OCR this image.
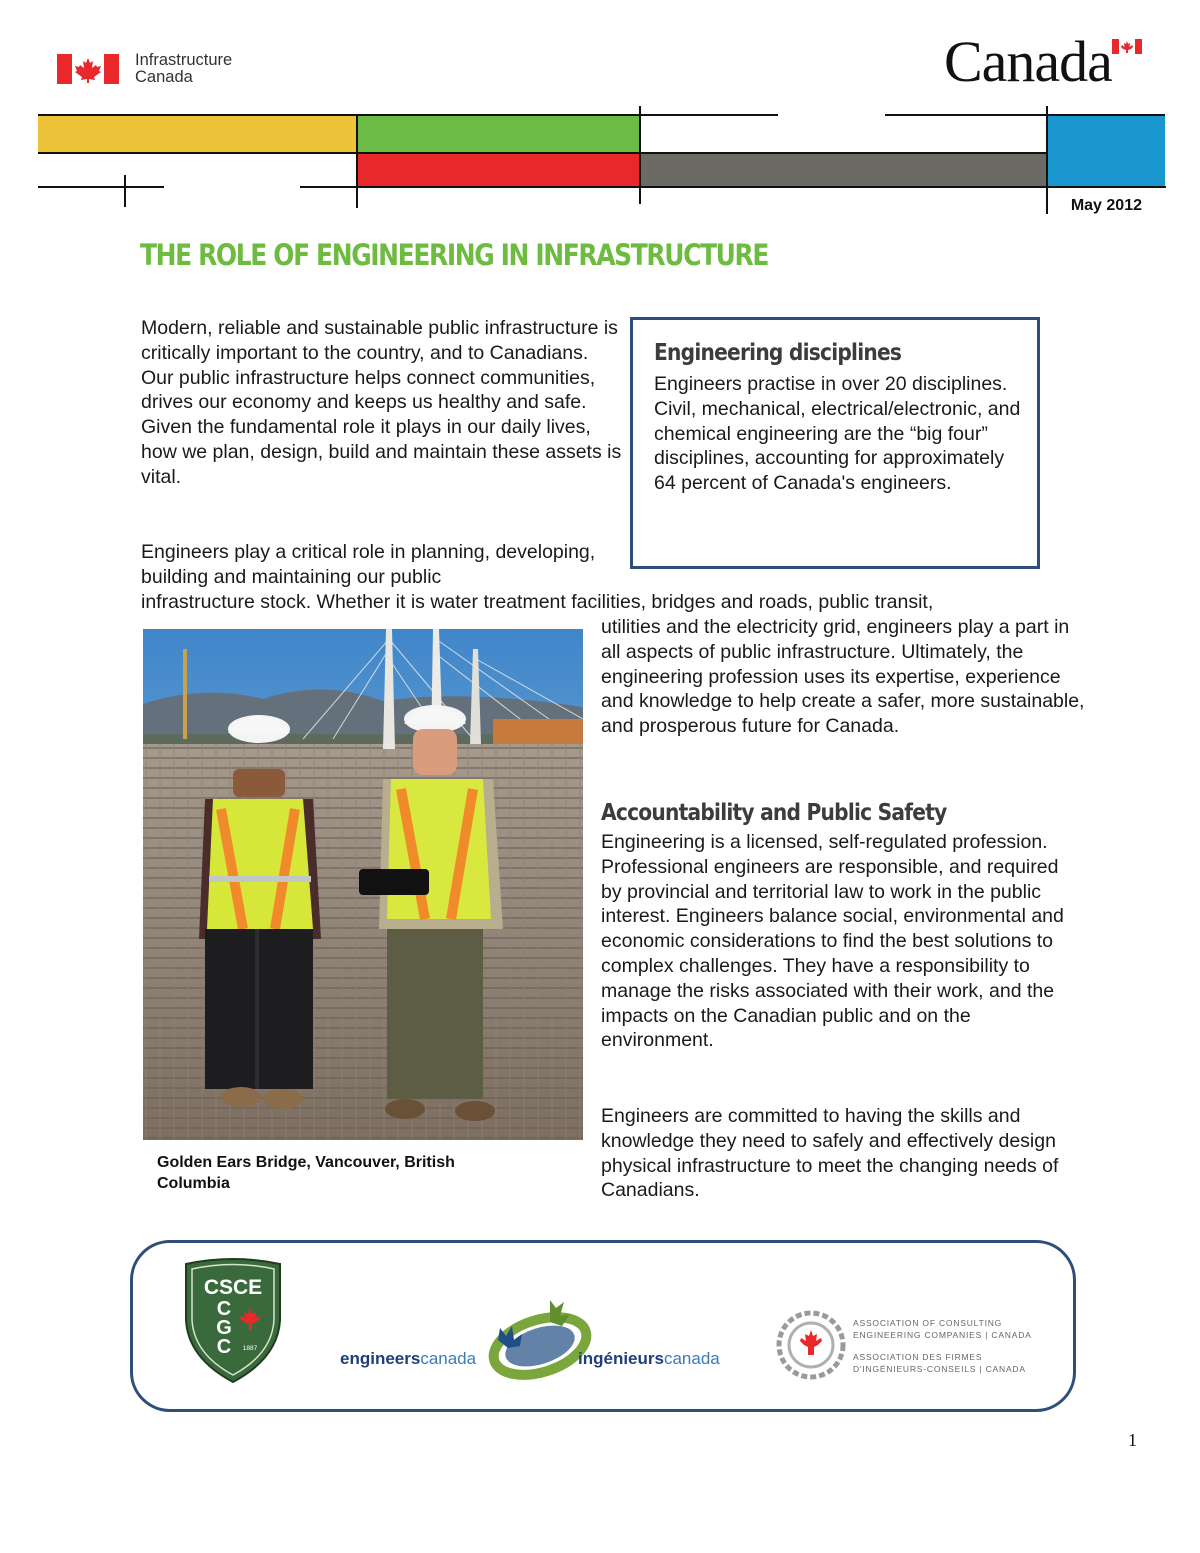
Infrastructure
Canada	Canada
May 2012
THE ROLE OF ENGINEERING IN INFRASTRUCTURE
Modern, reliable and sustainable public infrastructure is critically important to the country, and to Canadians. Our public infrastructure helps connect communities, drives our economy and keeps us healthy and safe. Given the fundamental role it plays in our daily lives, how we plan, design, build and maintain these assets is vital.
Engineers play a critical role in planning, developing, building and maintaining our public
infrastructure stock. Whether it is water treatment facilities, bridges and roads, public transit,
utilities and the electricity grid, engineers play a part in all aspects of public infrastructure. Ultimately, the engineering profession uses its expertise, experience and knowledge to help create a safer, more sustainable, and prosperous future for Canada.
Engineering disciplines
Engineers practise in over 20 disciplines. Civil, mechanical, electrical/electronic, and chemical engineering are the “big four” disciplines, accounting for approximately 64 percent of Canada's engineers.
Golden Ears Bridge, Vancouver, British Columbia
Accountability and Public Safety
Engineering is a licensed, self-regulated profession. Professional engineers are responsible, and required by provincial and territorial law to work in the public interest. Engineers balance social, environmental and economic considerations to find the best solutions to complex challenges. They have a responsibility to manage the risks associated with their work, and the impacts on the Canadian public and on the environment.
Engineers are committed to having the skills and knowledge they need to safely and effectively design physical infrastructure to meet the changing needs of Canadians.
CSCE
C
G
C 1887
engineerscanada	ingénieurscanada
ASSOCIATION OF CONSULTING
ENGINEERING COMPANIES | CANADA
ASSOCIATION DES FIRMES
D'INGÉNIEURS-CONSEILS | CANADA
1
